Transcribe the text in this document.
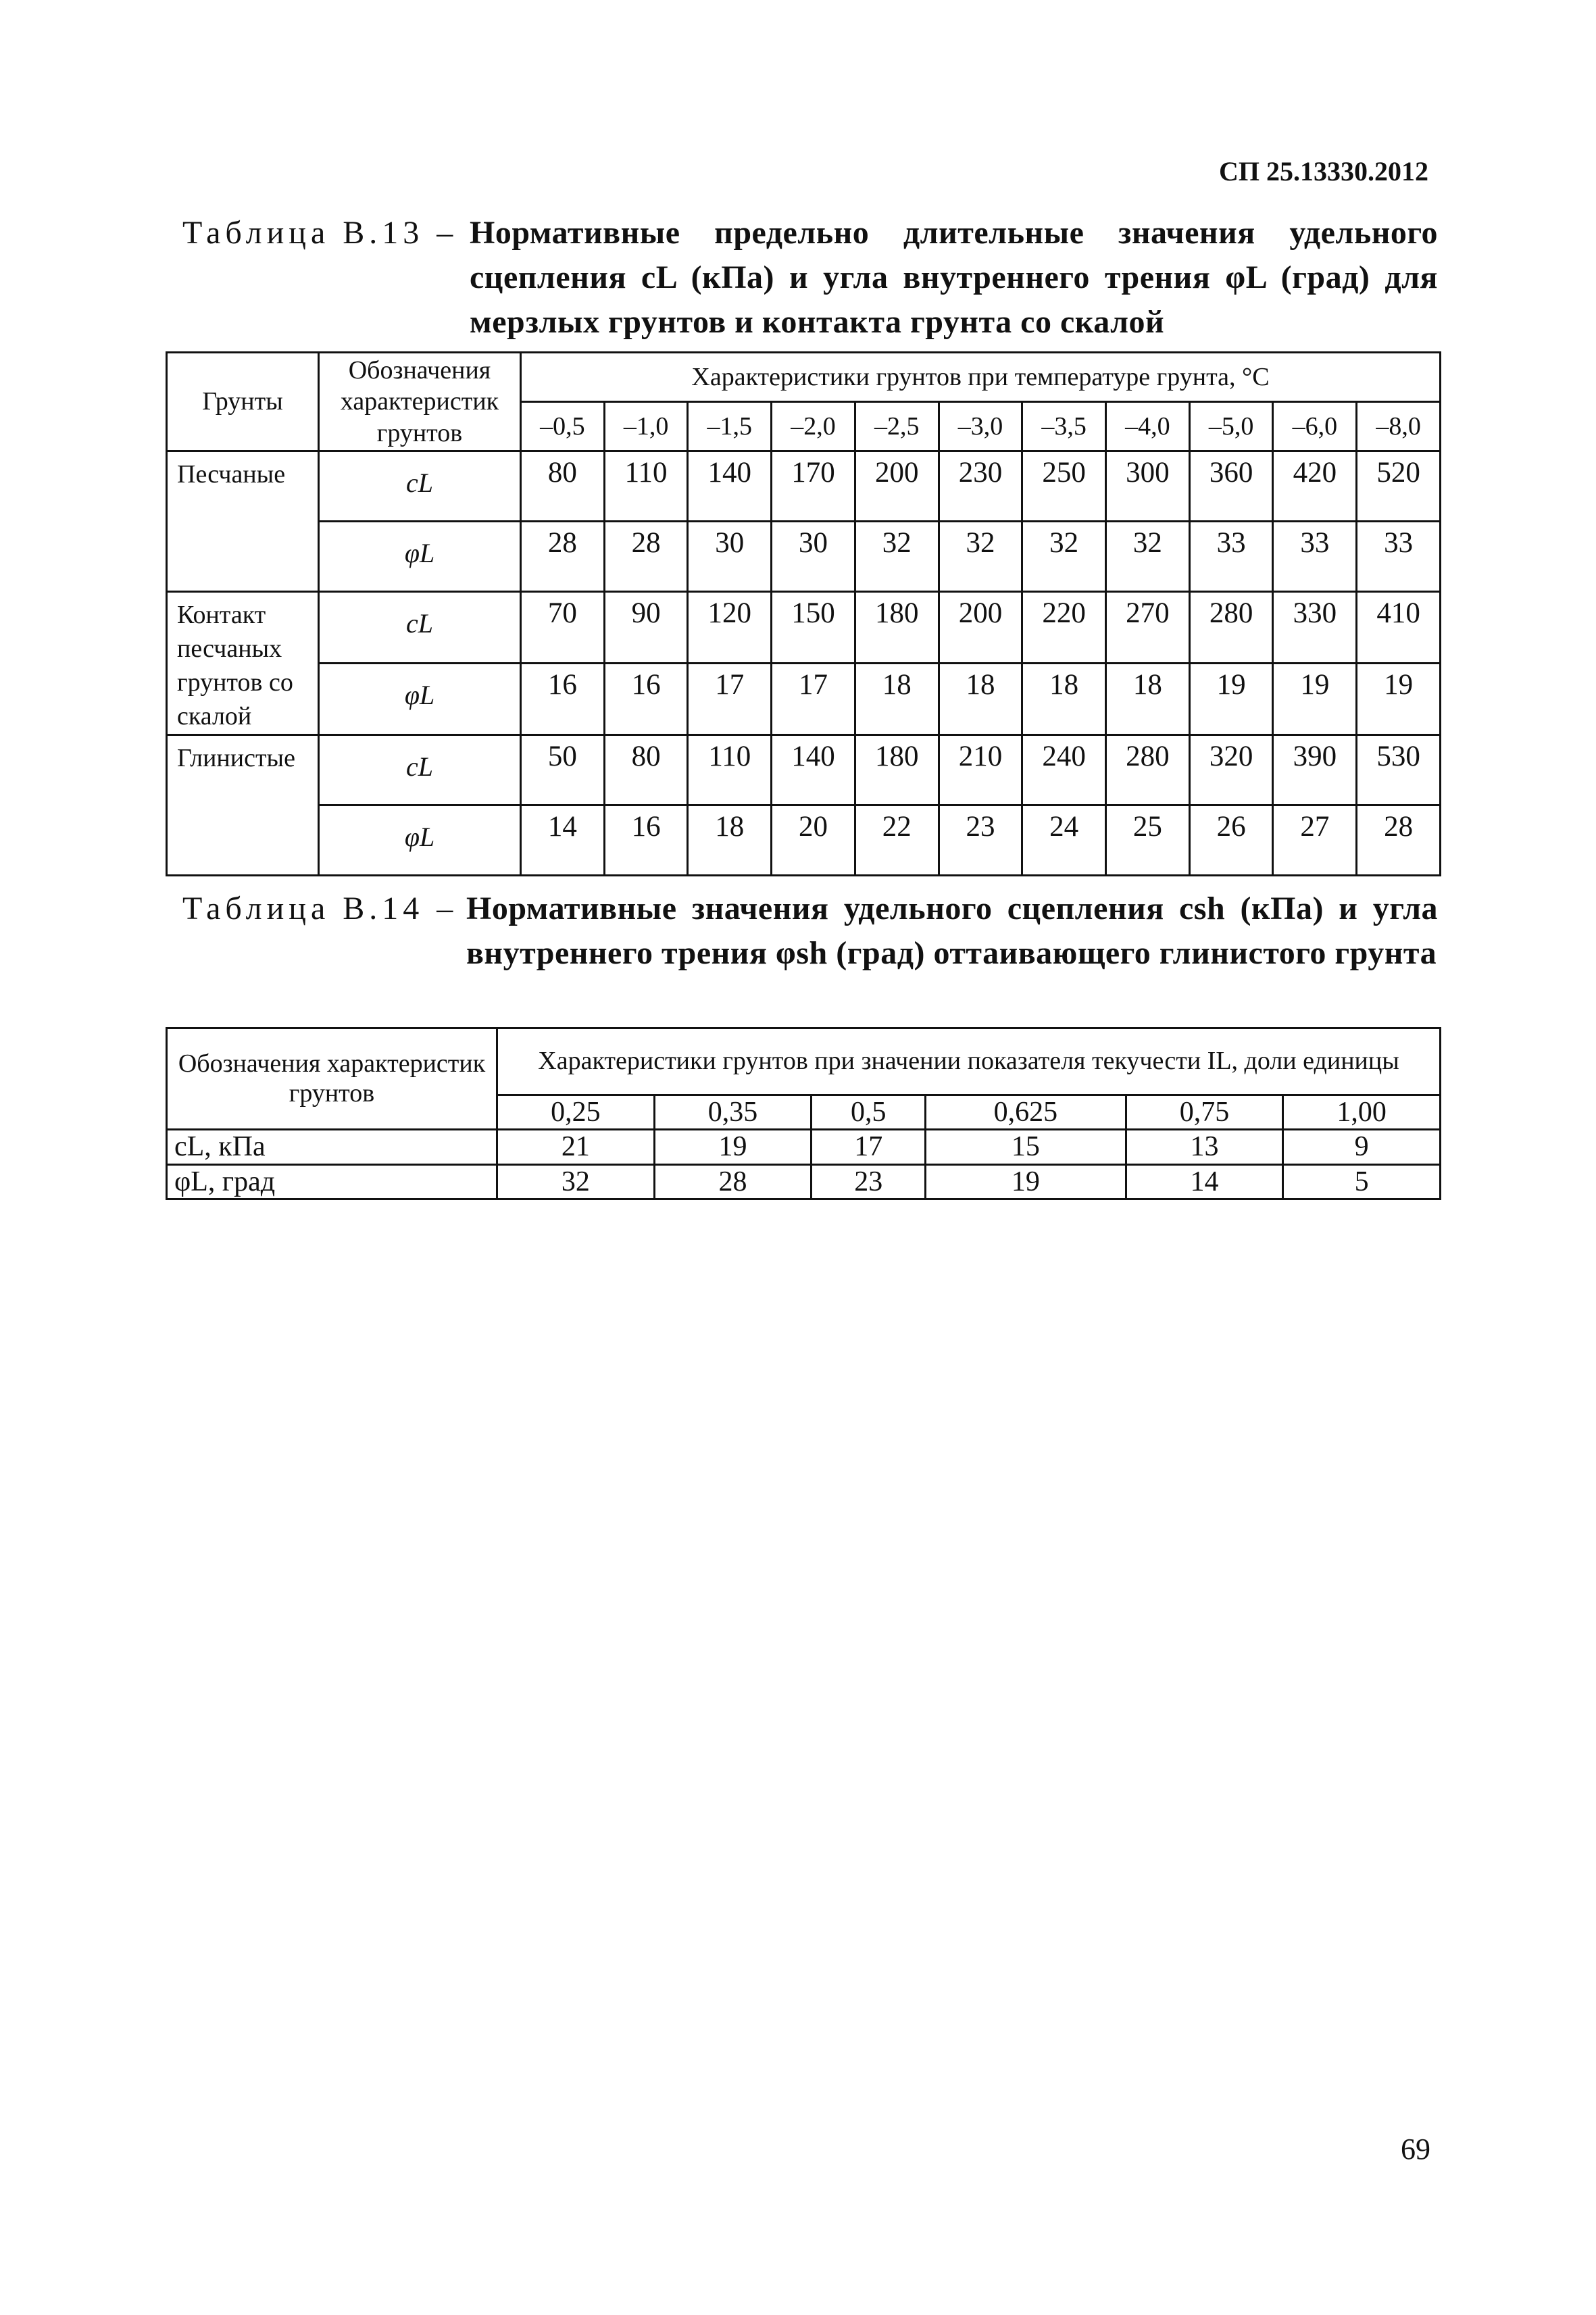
СП 25.13330.2012
Таблица В.13 – Нормативные предельно длительные значения удельного сцепления cL (кПа) и угла внутреннего трения φL (град) для мерзлых грунтов и контакта грунта со скалой
Грунты	Обозначения характеристик грунтов	Характеристики грунтов при температуре грунта, °С										
		–0,5	–1,0	–1,5	–2,0	–2,5	–3,0	–3,5	–4,0	–5,0	–6,0	–8,0
Песчаные	cL	80	110	140	170	200	230	250	300	360	420	520
	φL	28	28	30	30	32	32	32	32	33	33	33
Контакт песчаных грунтов со скалой	cL	70	90	120	150	180	200	220	270	280	330	410
	φL	16	16	17	17	18	18	18	18	19	19	19
Глинистые	cL	50	80	110	140	180	210	240	280	320	390	530
	φL	14	16	18	20	22	23	24	25	26	27	28
Таблица В.14 – Нормативные значения удельного сцепления csh (кПа) и угла внутреннего трения φsh (град) оттаивающего глинистого грунта
Обозначения характеристик грунтов	Характеристики грунтов при значении показателя текучести IL, доли единицы					
	0,25	0,35	0,5	0,625	0,75	1,00
cL, кПа	21	19	17	15	13	9
φL, град	32	28	23	19	14	5
69
